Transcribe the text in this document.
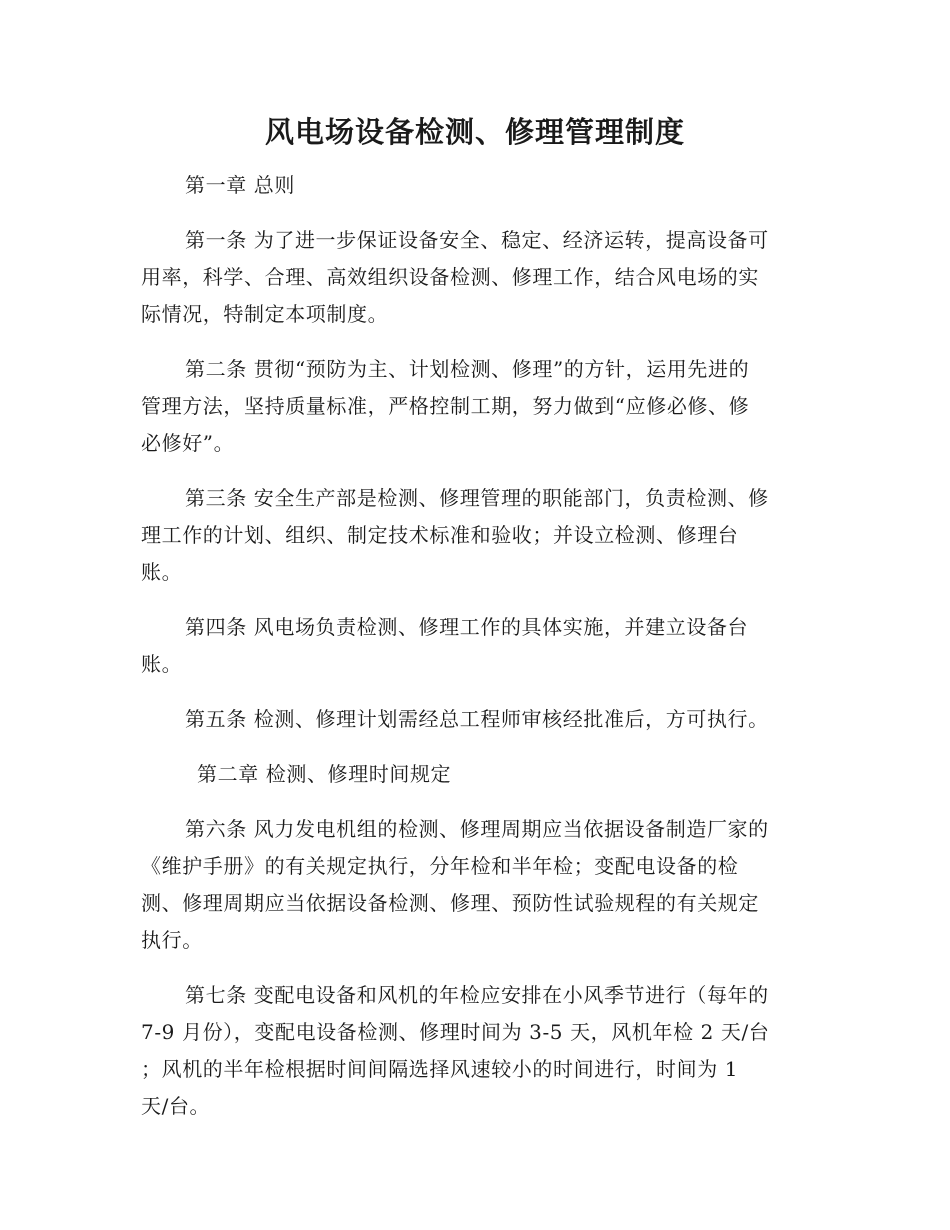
风电场设备检测、修理管理制度

第一章 总则

第一条 为了进一步保证设备安全、稳定、经济运转，提高设备可
用率，科学、合理、高效组织设备检测、修理工作，结合风电场的实
际情况，特制定本项制度。
第二条 贯彻“预防为主、计划检测、修理”的方针，运用先进的
管理方法，坚持质量标准，严格控制工期，努力做到“应修必修、修
必修好”。
第三条 安全生产部是检测、修理管理的职能部门，负责检测、修
理工作的计划、组织、制定技术标准和验收；并设立检测、修理台
账。
第四条 风电场负责检测、修理工作的具体实施，并建立设备台
账。
第五条 检测、修理计划需经总工程师审核经批准后，方可执行。

第二章 检测、修理时间规定

第六条 风力发电机组的检测、修理周期应当依据设备制造厂家的
《维护手册》的有关规定执行，分年检和半年检；变配电设备的检
测、修理周期应当依据设备检测、修理、预防性试验规程的有关规定
执行。
第七条 变配电设备和风机的年检应安排在小风季节进行（每年的
7-9 月份），变配电设备检测、修理时间为 3-5 天，风机年检 2 天/台
；风机的半年检根据时间间隔选择风速较小的时间进行，时间为 1
天/台。
